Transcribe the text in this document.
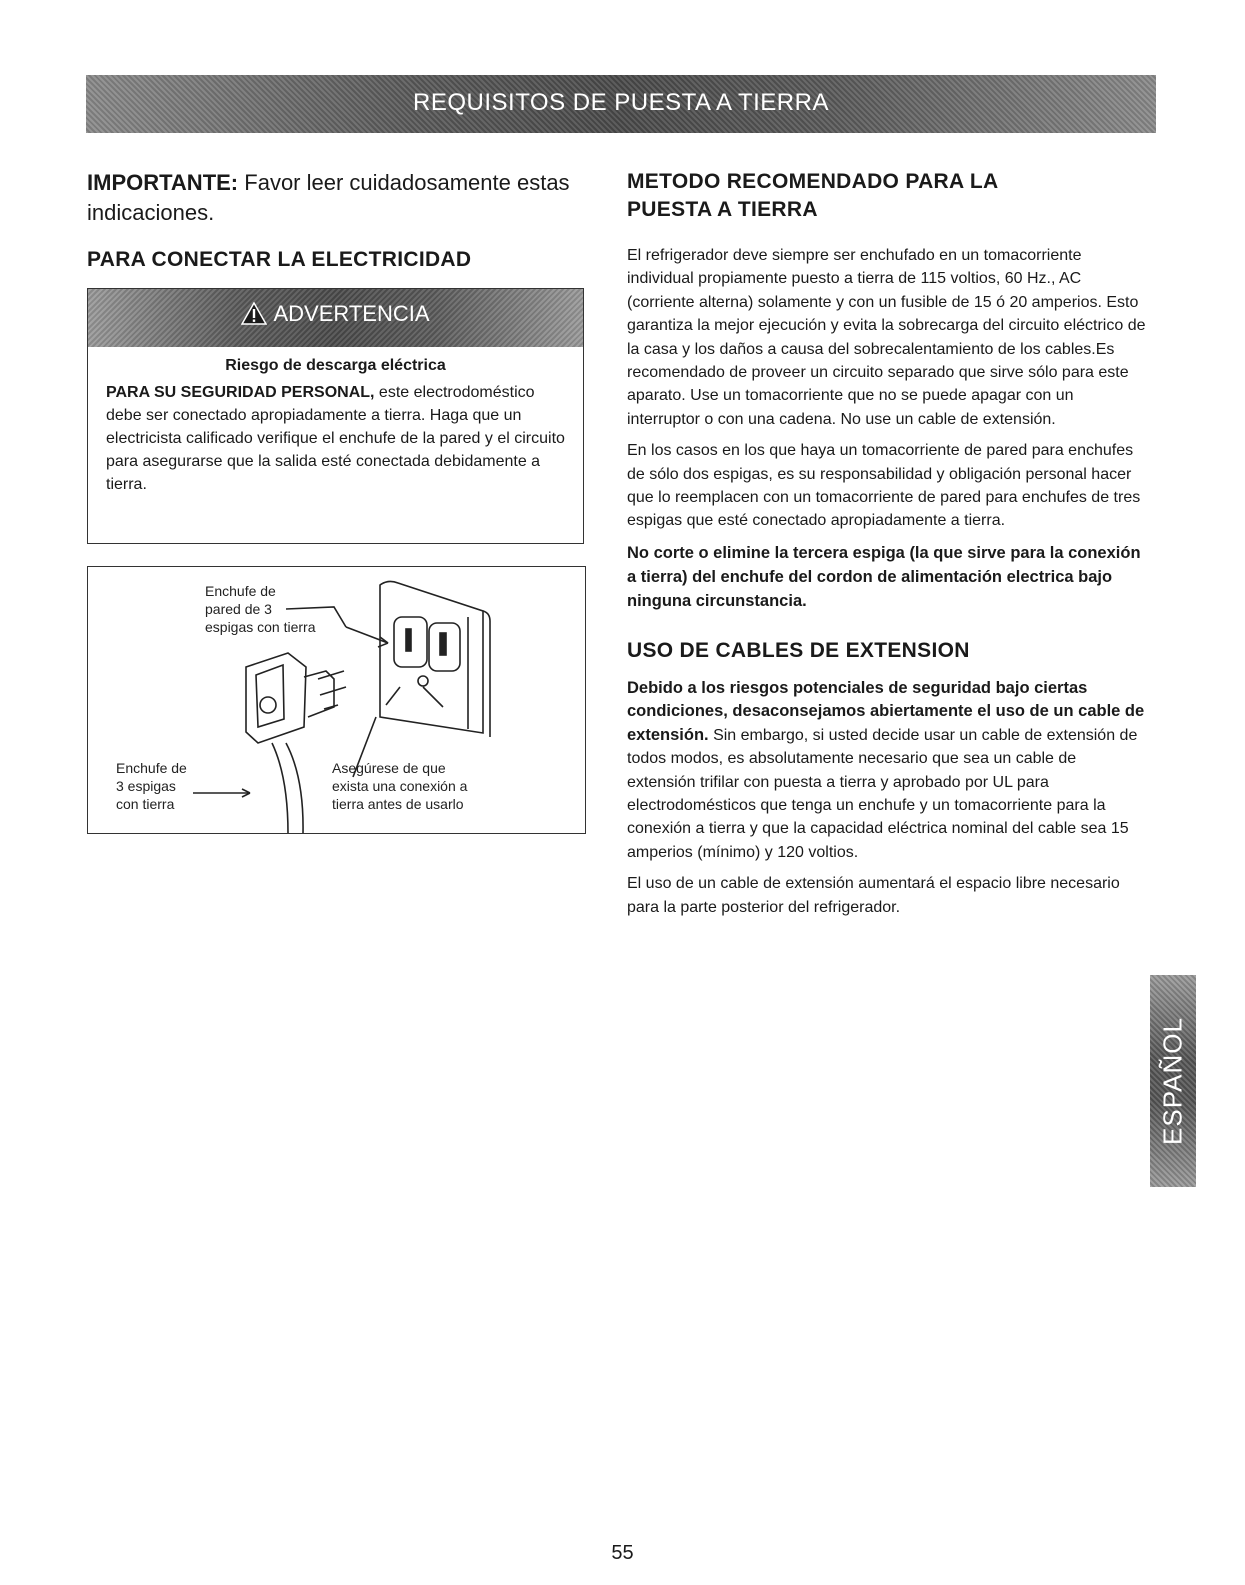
REQUISITOS DE PUESTA A TIERRA

IMPORTANTE: Favor leer cuidadosamente estas indicaciones.

PARA CONECTAR LA ELECTRICIDAD
ADVERTENCIA
Riesgo de descarga eléctrica

PARA SU SEGURIDAD PERSONAL, este electrodoméstico debe ser conectado apropiadamente a tierra. Haga que un electricista calificado verifique el enchufe de la pared y el circuito para asegurarse que la salida esté conectada debidamente a tierra.

Enchufe de
pared de 3
espigas con tierra
Enchufe de
3 espigas
con tierra
Asegúrese de que
exista una conexión a
tierra antes de usarlo
METODO RECOMENDADO PARA LA PUESTA A TIERRA

El refrigerador deve siempre ser enchufado en un tomacorriente individual propiamente puesto a tierra de 115 voltios, 60 Hz., AC (corriente alterna) solamente y con un fusible de 15 ó 20 amperios. Esto garantiza la mejor ejecución y evita la sobrecarga del circuito eléctrico de la casa y los daños a causa del sobrecalentamiento de los cables.Es recomendado de proveer un circuito separado que sirve sólo para este aparato. Use un tomacorriente que no se puede apagar con un interruptor o con una cadena. No use un cable de extensión.

En los casos en los que haya un tomacorriente de pared para enchufes de sólo dos espigas, es su responsabilidad y obligación personal hacer que lo reemplacen con un tomacorriente de pared para enchufes de tres espigas que esté conectado apropiadamente a tierra.

No corte o elimine la tercera espiga (la que sirve para la conexión a tierra) del enchufe del cordon de alimentación electrica bajo ninguna circunstancia.

USO DE CABLES DE EXTENSION

Debido a los riesgos potenciales de seguridad bajo ciertas condiciones, desaconsejamos abiertamente el uso de un cable de extensión. Sin embargo, si usted decide usar un cable de extensión de todos modos, es absolutamente necesario que sea un cable de extensión trifilar con puesta a tierra y aprobado por UL para electrodomésticos que tenga un enchufe y un tomacorriente para la conexión a tierra y que la capacidad eléctrica nominal del cable sea 15 amperios (mínimo) y 120 voltios.

El uso de un cable de extensión aumentará el espacio libre necesario para la parte posterior del refrigerador.

ESPAÑOL
55
